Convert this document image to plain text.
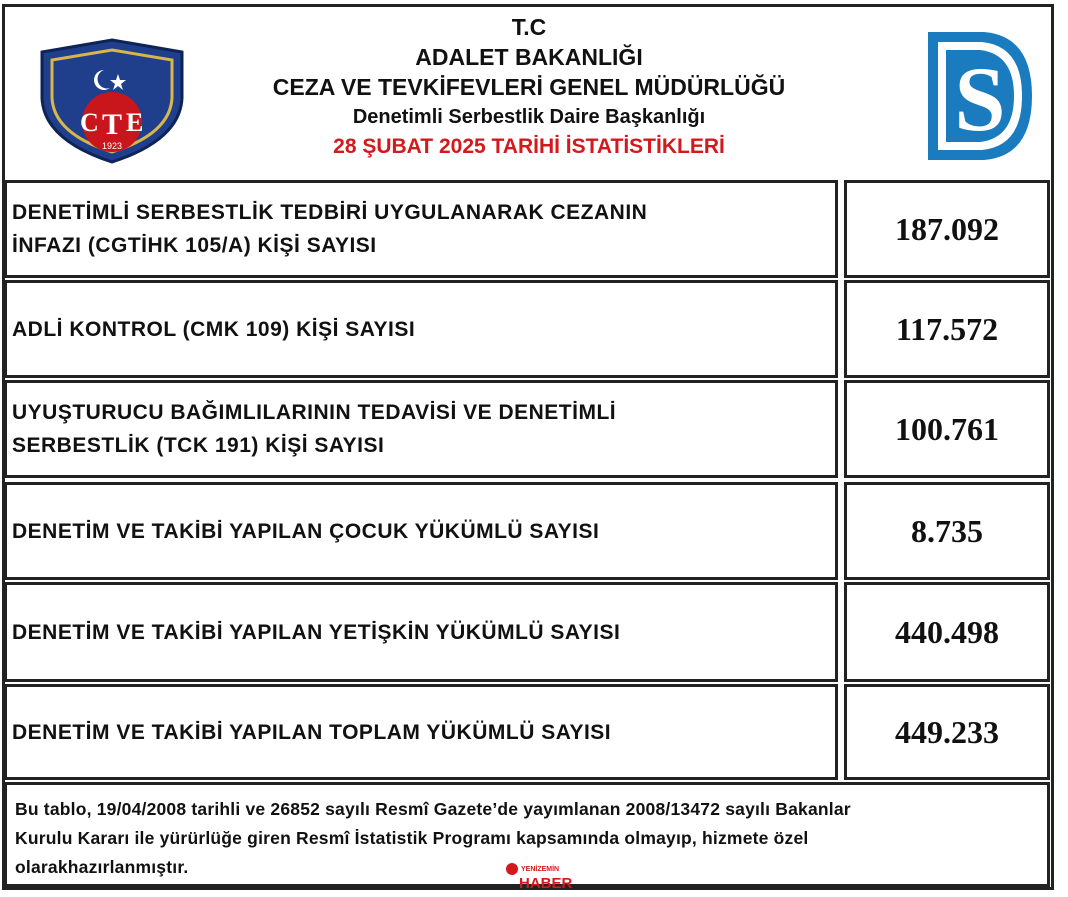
C T E
1923
T.C
ADALET BAKANLIĞI
CEZA VE TEVKİFEVLERİ GENEL MÜDÜRLÜĞÜ
Denetimli Serbestlik Daire Başkanlığı
28 ŞUBAT 2025 TARİHİ İSTATİSTİKLERİ	S
DENETİMLİ SERBESTLİK TEDBİRİ UYGULANARAK CEZANIN
İNFAZI (CGTİHK 105/A) KİŞİ SAYISI	187.092
ADLİ KONTROL (CMK 109) KİŞİ SAYISI	117.572
UYUŞTURUCU BAĞIMLILARININ TEDAVİSİ VE DENETİMLİ
SERBESTLİK (TCK 191) KİŞİ SAYISI	100.761
DENETİM VE TAKİBİ YAPILAN ÇOCUK YÜKÜMLÜ SAYISI	8.735
DENETİM VE TAKİBİ YAPILAN YETİŞKİN YÜKÜMLÜ SAYISI	440.498
DENETİM VE TAKİBİ YAPILAN TOPLAM YÜKÜMLÜ SAYISI	449.233
Bu tablo, 19/04/2008 tarihli ve 26852 sayılı Resmî Gazete’de yayımlanan 2008/13472 sayılı Bakanlar
Kurulu Kararı ile yürürlüğe giren Resmî İstatistik Programı kapsamında olmayıp, hizmete özel
olarakhazırlanmıştır.	YENİZEMİN
HABER
